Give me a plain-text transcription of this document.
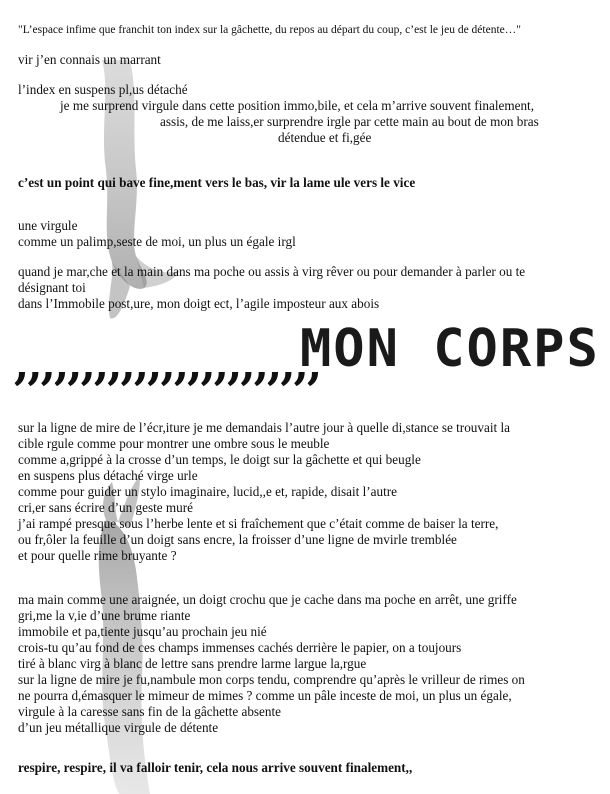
"L’espace infime que franchit ton index sur la gâchette, du repos au départ du coup, c’est le jeu de détente…"
vir j’en connais un marrant
l’index en suspens pl,us détaché
je me surprend virgule dans cette position immo,bile, et cela m’arrive souvent finalement,
assis, de me laiss,er surprendre irgle par cette main au bout de mon bras
détendue et fi,gée
c’est un point qui bave fine,ment vers le bas, vir la lame ule vers le vice
une virgule
comme un palimp,seste de moi, un plus un égale irgl
quand je mar,che et la main dans ma poche ou assis à virg rêver ou pour demander à parler ou te
désignant toi
dans l’Immobile post,ure, mon doigt ect, l’agile imposteur aux abois
,,,,,,,,,,,,,,,,,,,,,,,
MON CORPS
sur la ligne de mire de l’écr,iture je me demandais l’autre jour à quelle di,stance se trouvait la
cible rgule comme pour montrer une ombre sous le meuble
comme a,grippé à la crosse d’un temps, le doigt sur la gâchette et qui beugle
en suspens plus détaché virge urle
comme pour guider un stylo imaginaire, lucid,,e et, rapide, disait l’autre
cri,er sans écrire d’un geste muré
j’ai rampé presque sous l’herbe lente et si fraîchement que c’était comme de baiser la terre,
ou fr,ôler la feuille d’un doigt sans encre, la froisser d’une ligne de mvirle tremblée
et pour quelle rime bruyante ?
ma main comme une araignée, un doigt crochu que je cache dans ma poche en arrêt, une griffe
gri,me la v,ie d’une brume riante
immobile et pa,tiente jusqu’au prochain jeu nié
crois-tu qu’au fond de ces champs immenses cachés derrière le papier, on a toujours
tiré à blanc virg à blanc de lettre sans prendre larme largue la,rgue
sur la ligne de mire je fu,nambule mon corps tendu, comprendre qu’après le vrilleur de rimes on
ne pourra d,émasquer le mimeur de mimes ? comme un pâle inceste de moi, un plus un égale,
virgule à la caresse sans fin de la gâchette absente
d’un jeu métallique virgule de détente
respire, respire, il va falloir tenir, cela nous arrive souvent finalement,,
